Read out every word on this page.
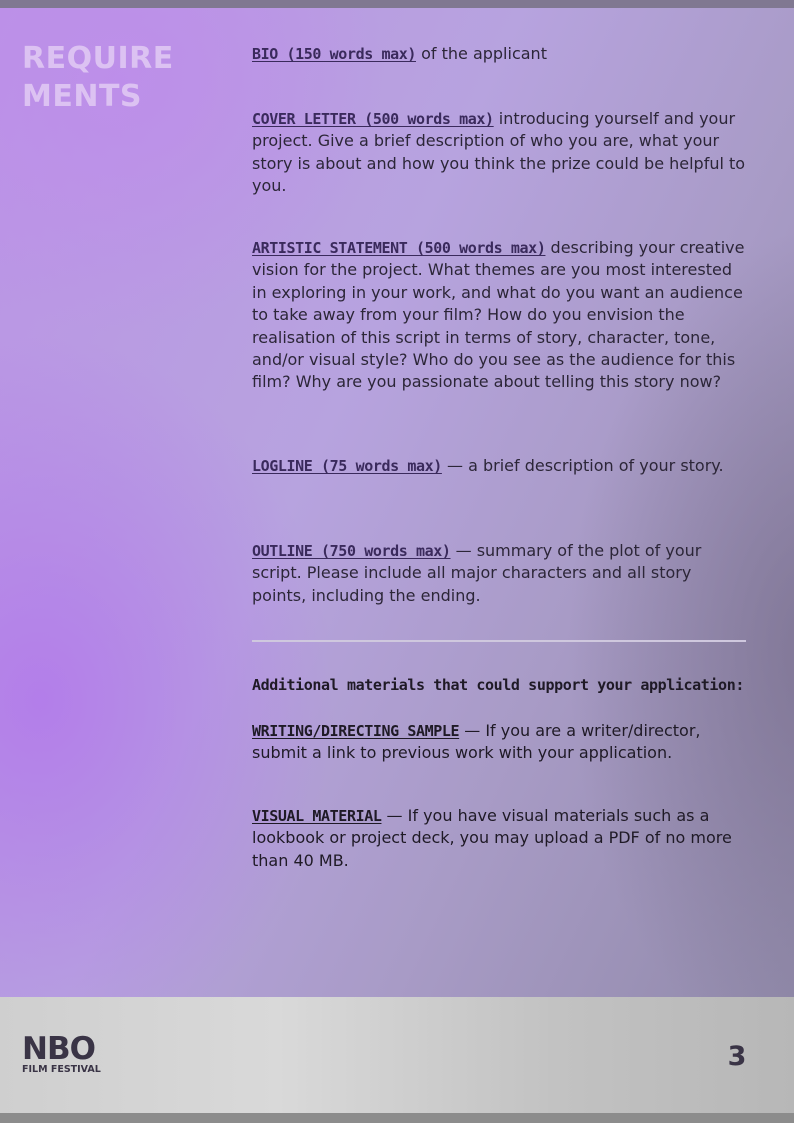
REQUIRE MENTS

BIO (150 words max) of the applicant

COVER LETTER (500 words max) introducing yourself and your project. Give a brief description of who you are, what your story is about and how you think the prize could be helpful to you.

ARTISTIC STATEMENT (500 words max) describing your creative vision for the project. What themes are you most interested in exploring in your work, and what do you want an audience to take away from your film? How do you envision the realisation of this script in terms of story, character, tone, and/or visual style? Who do you see as the audience for this film? Why are you passionate about telling this story now?

LOGLINE (75 words max) — a brief description of your story.

OUTLINE (750 words max) — summary of the plot of your script. Please include all major characters and all story points, including the ending.

Additional materials that could support your application:

WRITING/DIRECTING SAMPLE — If you are a writer/director, submit a link to previous work with your application.

VISUAL MATERIAL — If you have visual materials such as a lookbook or project deck, you may upload a PDF of no more than 40 MB.

NBO
FILM FESTIVAL	3
